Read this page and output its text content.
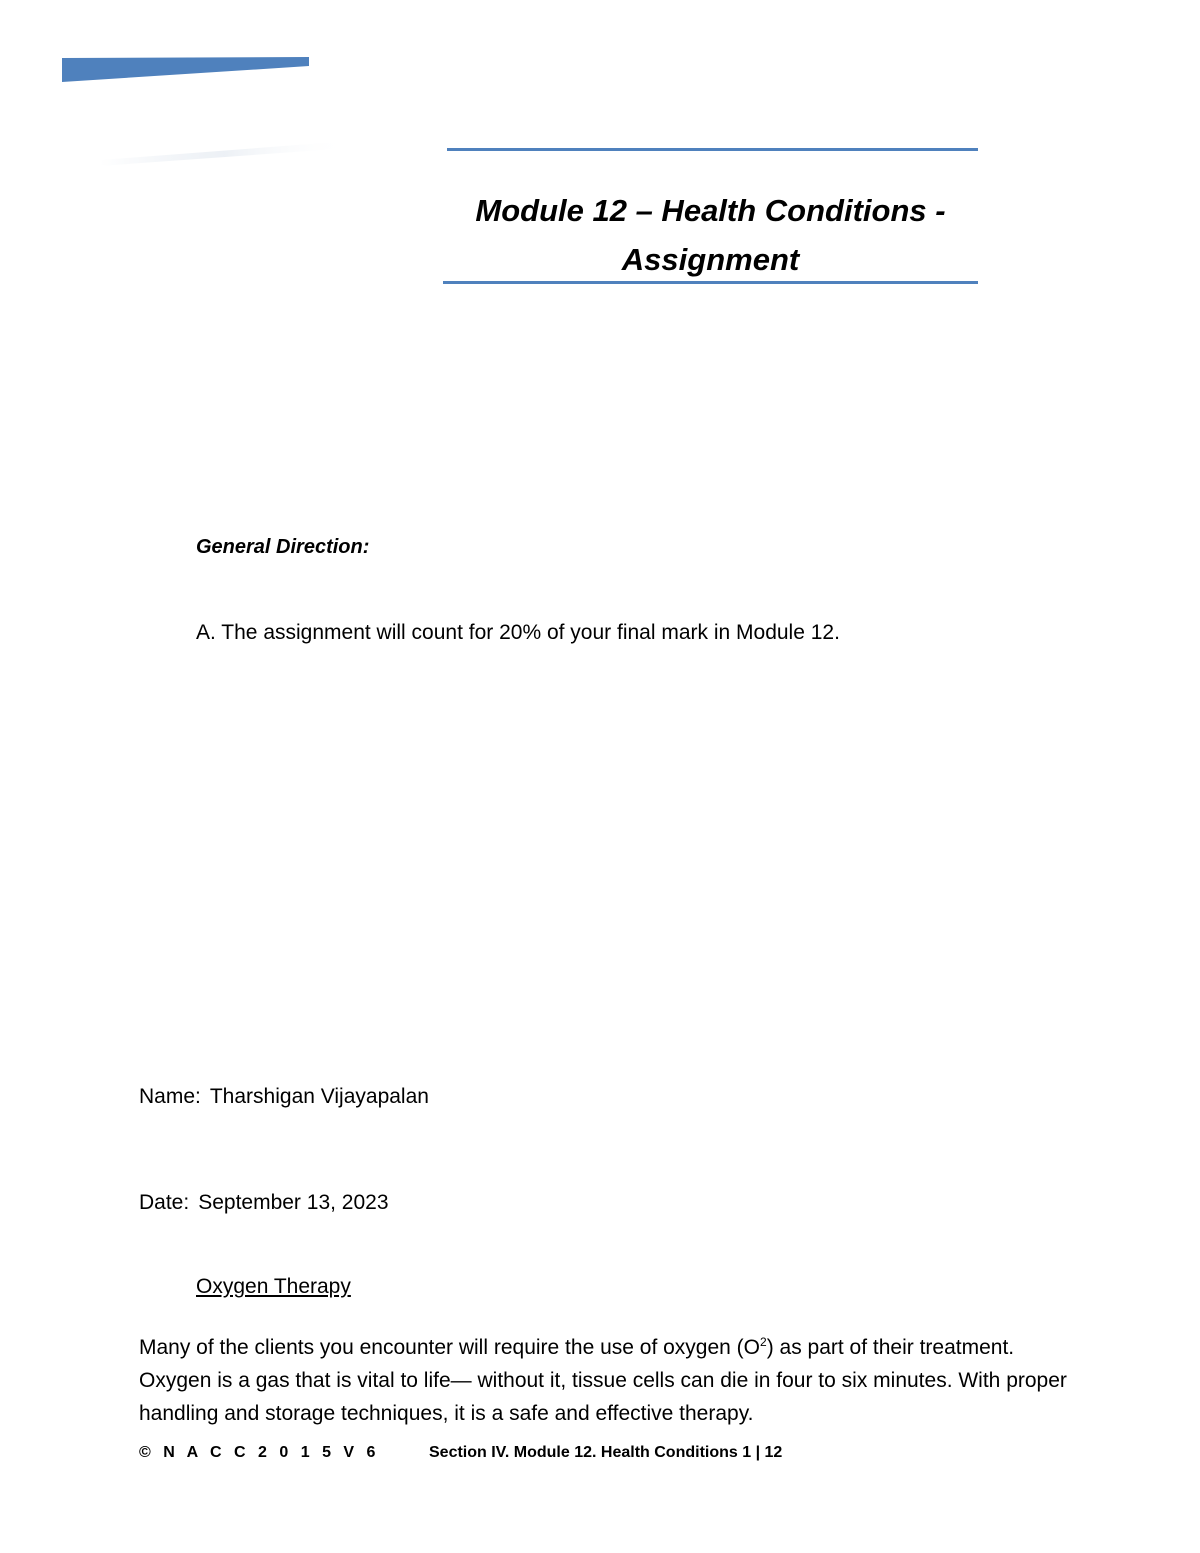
Module 12 – Health Conditions -
Assignment
General Direction:
A. The assignment will count for 20% of your final mark in Module 12.
Name: Tharshigan Vijayapalan
Date: September 13, 2023
Oxygen Therapy
Many of the clients you encounter will require the use of oxygen $(O^2)$ as part of their treatment. Oxygen is a gas that is vital to life— without it, tissue cells can die in four to six minutes. With proper handling and storage techniques, it is a safe and effective therapy.
© N A C C 2 0 1 5 V 6	Section IV. Module 12. Health Conditions 1 | 12
